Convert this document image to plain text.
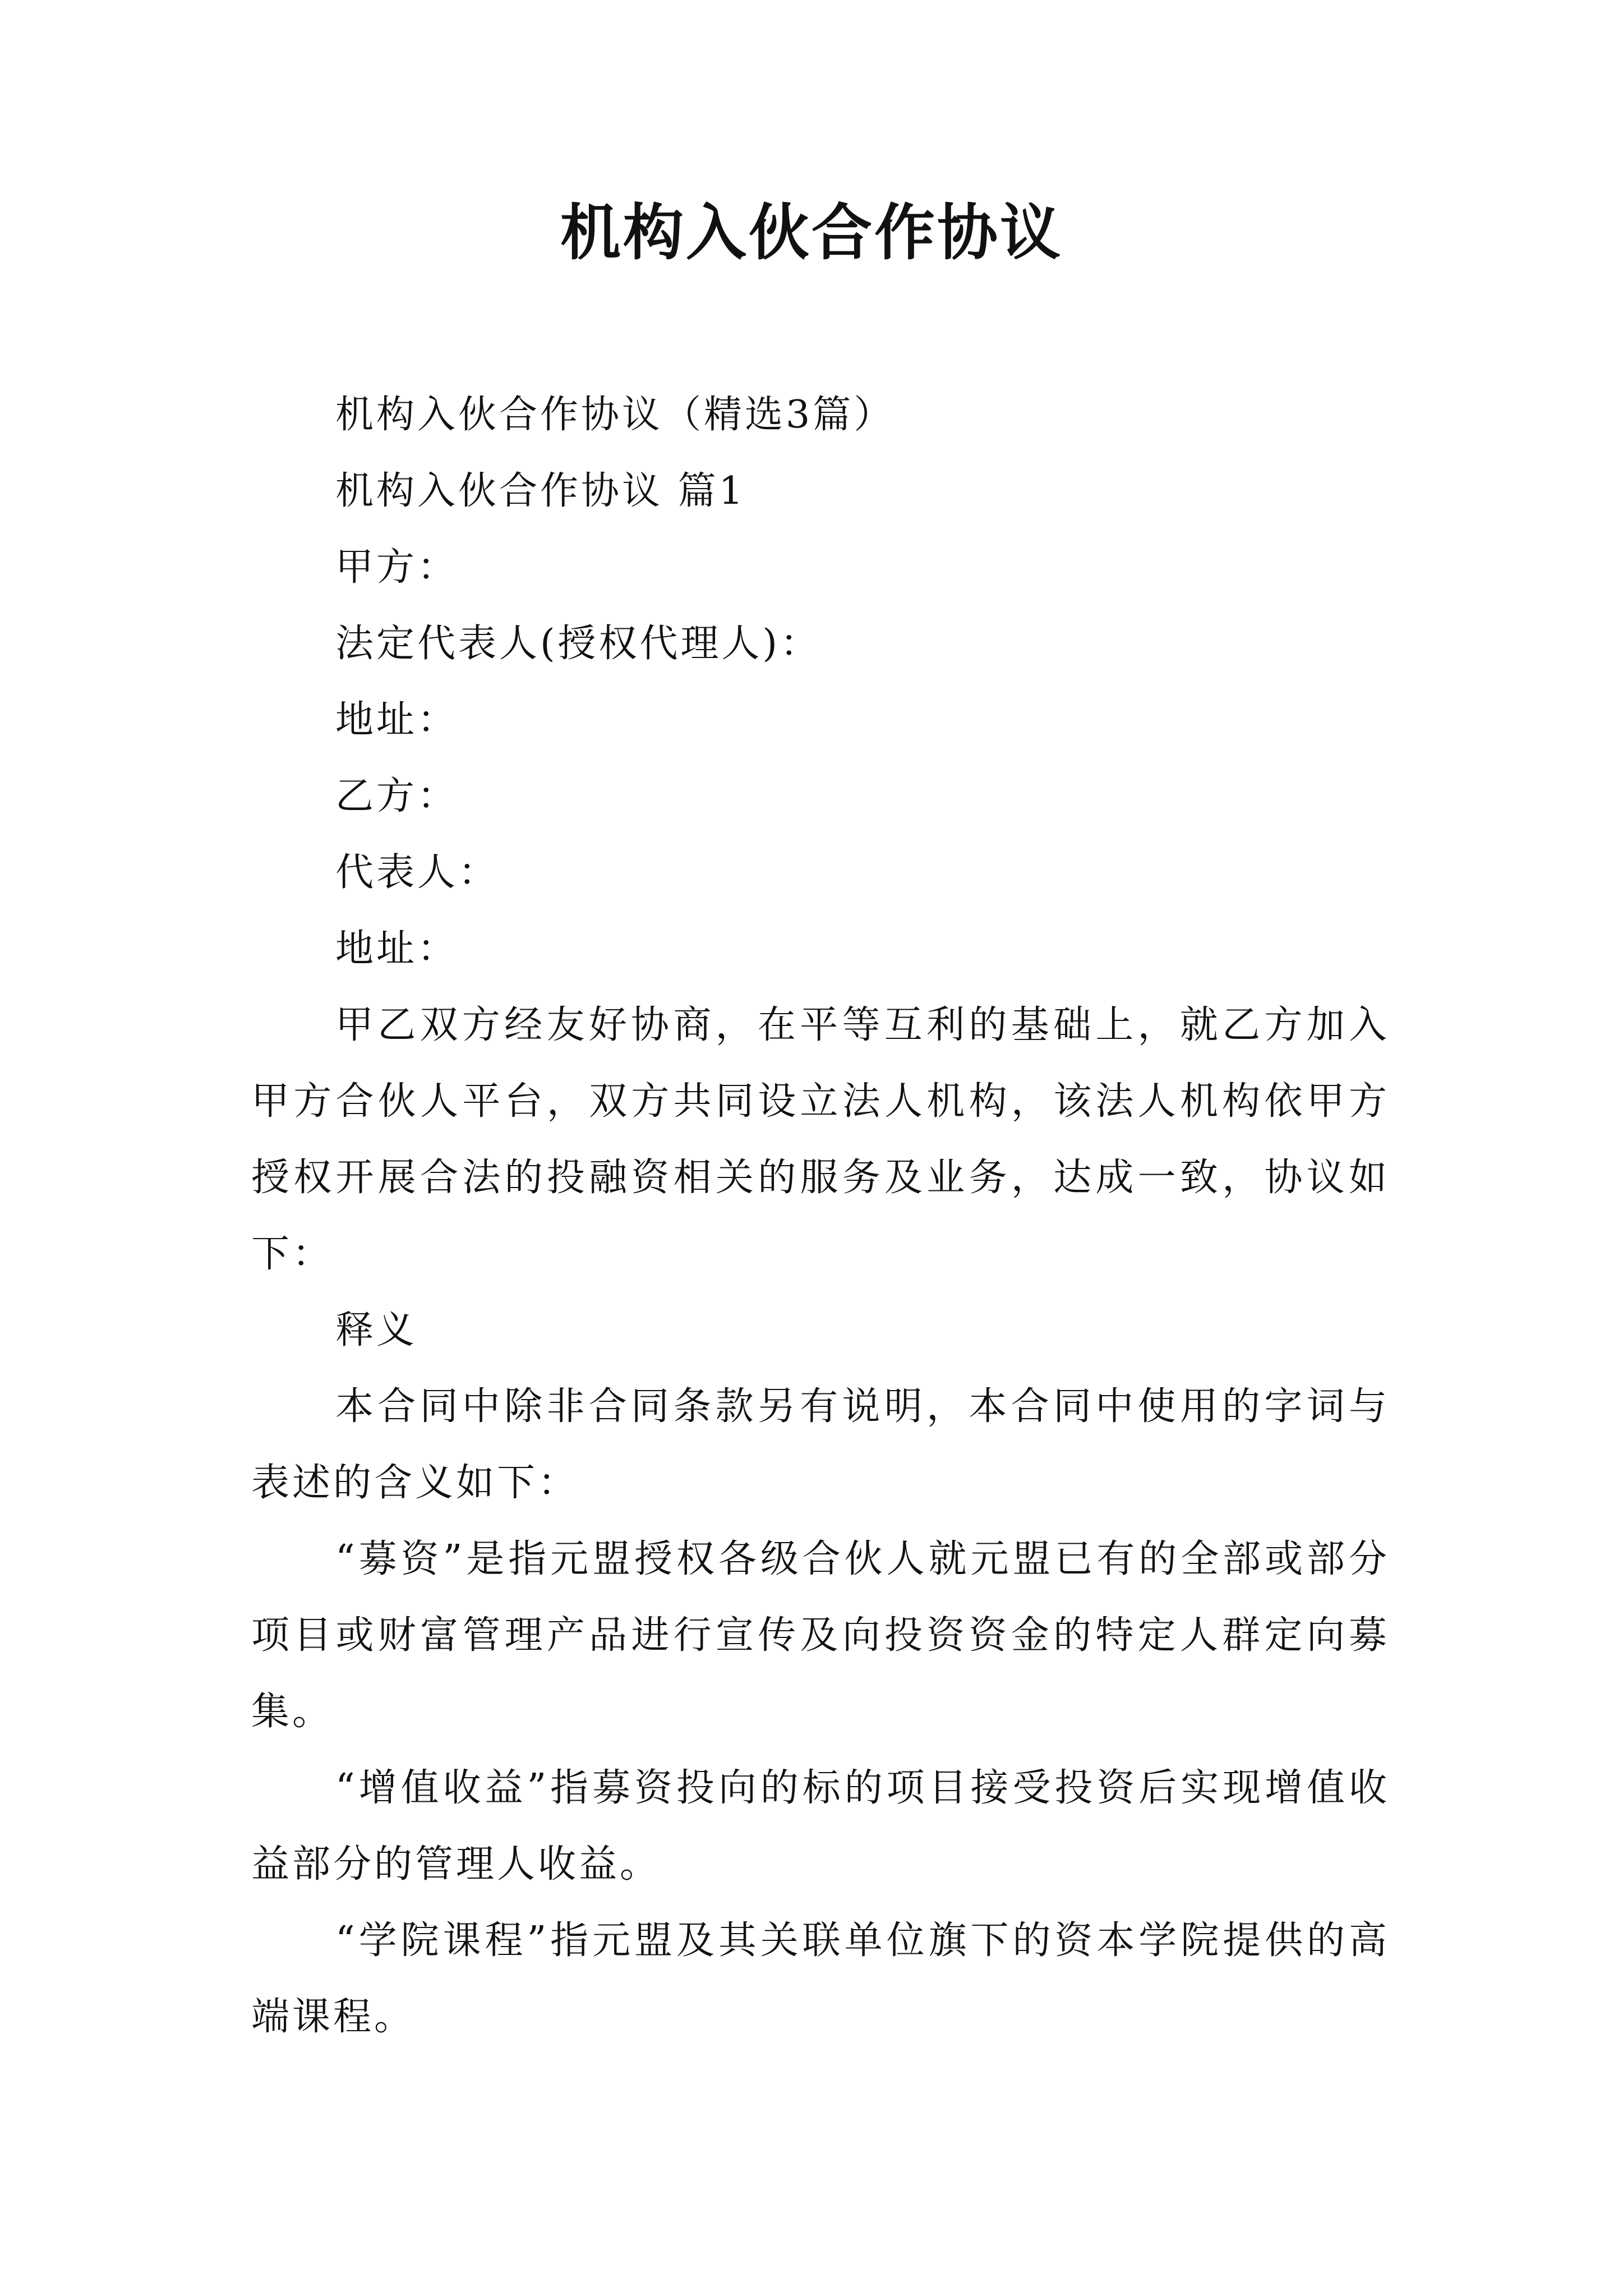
机构入伙合作协议

机构入伙合作协议（精选3篇）

机构入伙合作协议 篇1

甲方：

法定代表人(授权代理人)：

地址：

乙方：

代表人：

地址：

甲乙双方经友好协商，在平等互利的基础上，就乙方加入甲方合伙人平台，双方共同设立法人机构，该法人机构依甲方授权开展合法的投融资相关的服务及业务，达成一致，协议如下：

释义

本合同中除非合同条款另有说明，本合同中使用的字词与表述的含义如下：

“募资”是指元盟授权各级合伙人就元盟已有的全部或部分项目或财富管理产品进行宣传及向投资资金的特定人群定向募集。

“增值收益”指募资投向的标的项目接受投资后实现增值收益部分的管理人收益。

“学院课程”指元盟及其关联单位旗下的资本学院提供的高端课程。
